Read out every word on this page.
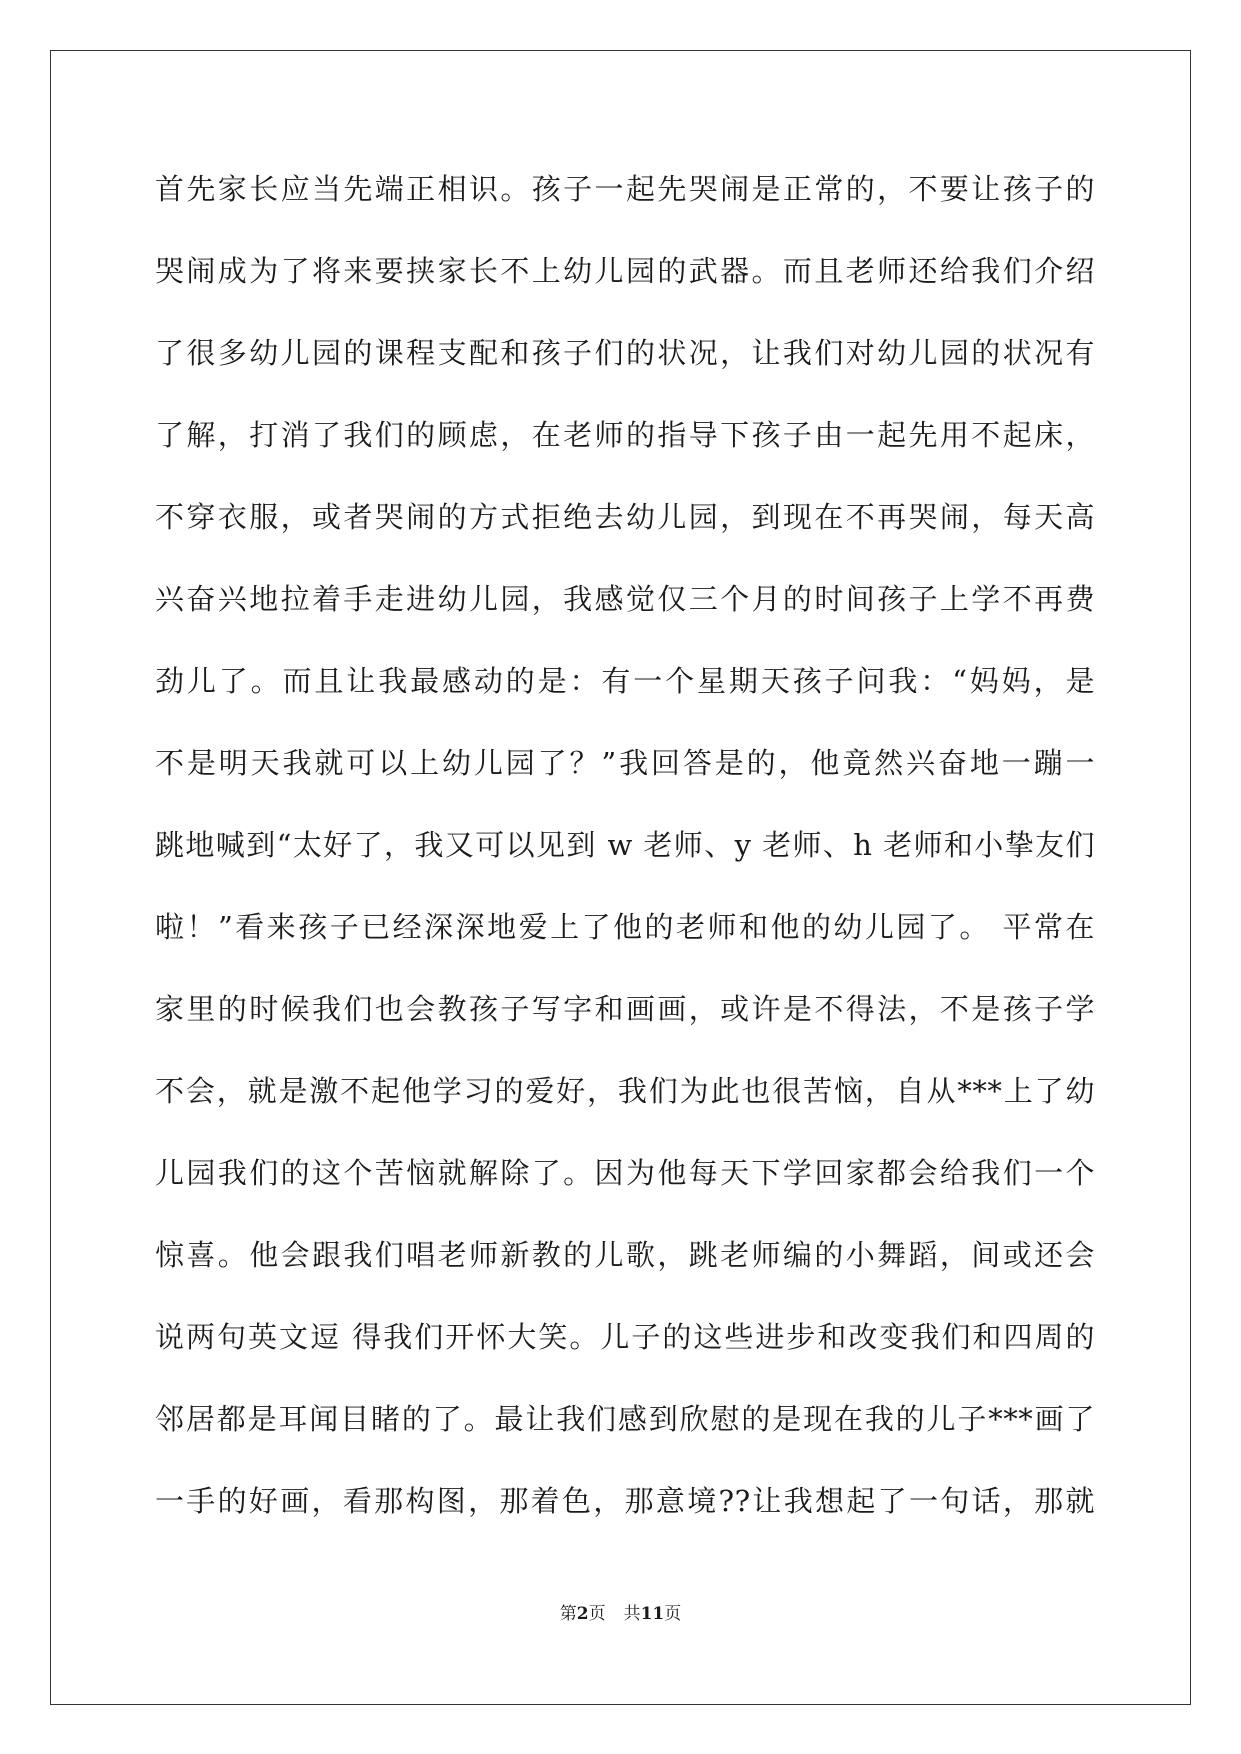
首先家长应当先端正相识。孩子一起先哭闹是正常的，不要让孩子的
哭闹成为了将来要挟家长不上幼儿园的武器。而且老师还给我们介绍
了很多幼儿园的课程支配和孩子们的状况，让我们对幼儿园的状况有
了解，打消了我们的顾虑，在老师的指导下孩子由一起先用不起床，
不穿衣服，或者哭闹的方式拒绝去幼儿园，到现在不再哭闹，每天高
兴奋兴地拉着手走进幼儿园，我感觉仅三个月的时间孩子上学不再费
劲儿了。而且让我最感动的是：有一个星期天孩子问我：“妈妈，是
不是明天我就可以上幼儿园了？”我回答是的，他竟然兴奋地一蹦一
跳地喊到“太好了，我又可以见到 w 老师、y 老师、h 老师和小挚友们
啦！”看来孩子已经深深地爱上了他的老师和他的幼儿园了。 平常在
家里的时候我们也会教孩子写字和画画，或许是不得法，不是孩子学
不会，就是激不起他学习的爱好，我们为此也很苦恼，自从***上了幼
儿园我们的这个苦恼就解除了。因为他每天下学回家都会给我们一个
惊喜。他会跟我们唱老师新教的儿歌，跳老师编的小舞蹈，间或还会
说两句英文逗 得我们开怀大笑。儿子的这些进步和改变我们和四周的
邻居都是耳闻目睹的了。最让我们感到欣慰的是现在我的儿子***画了
一手的好画，看那构图，那着色，那意境??让我想起了一句话，那就
第2页 共11页
